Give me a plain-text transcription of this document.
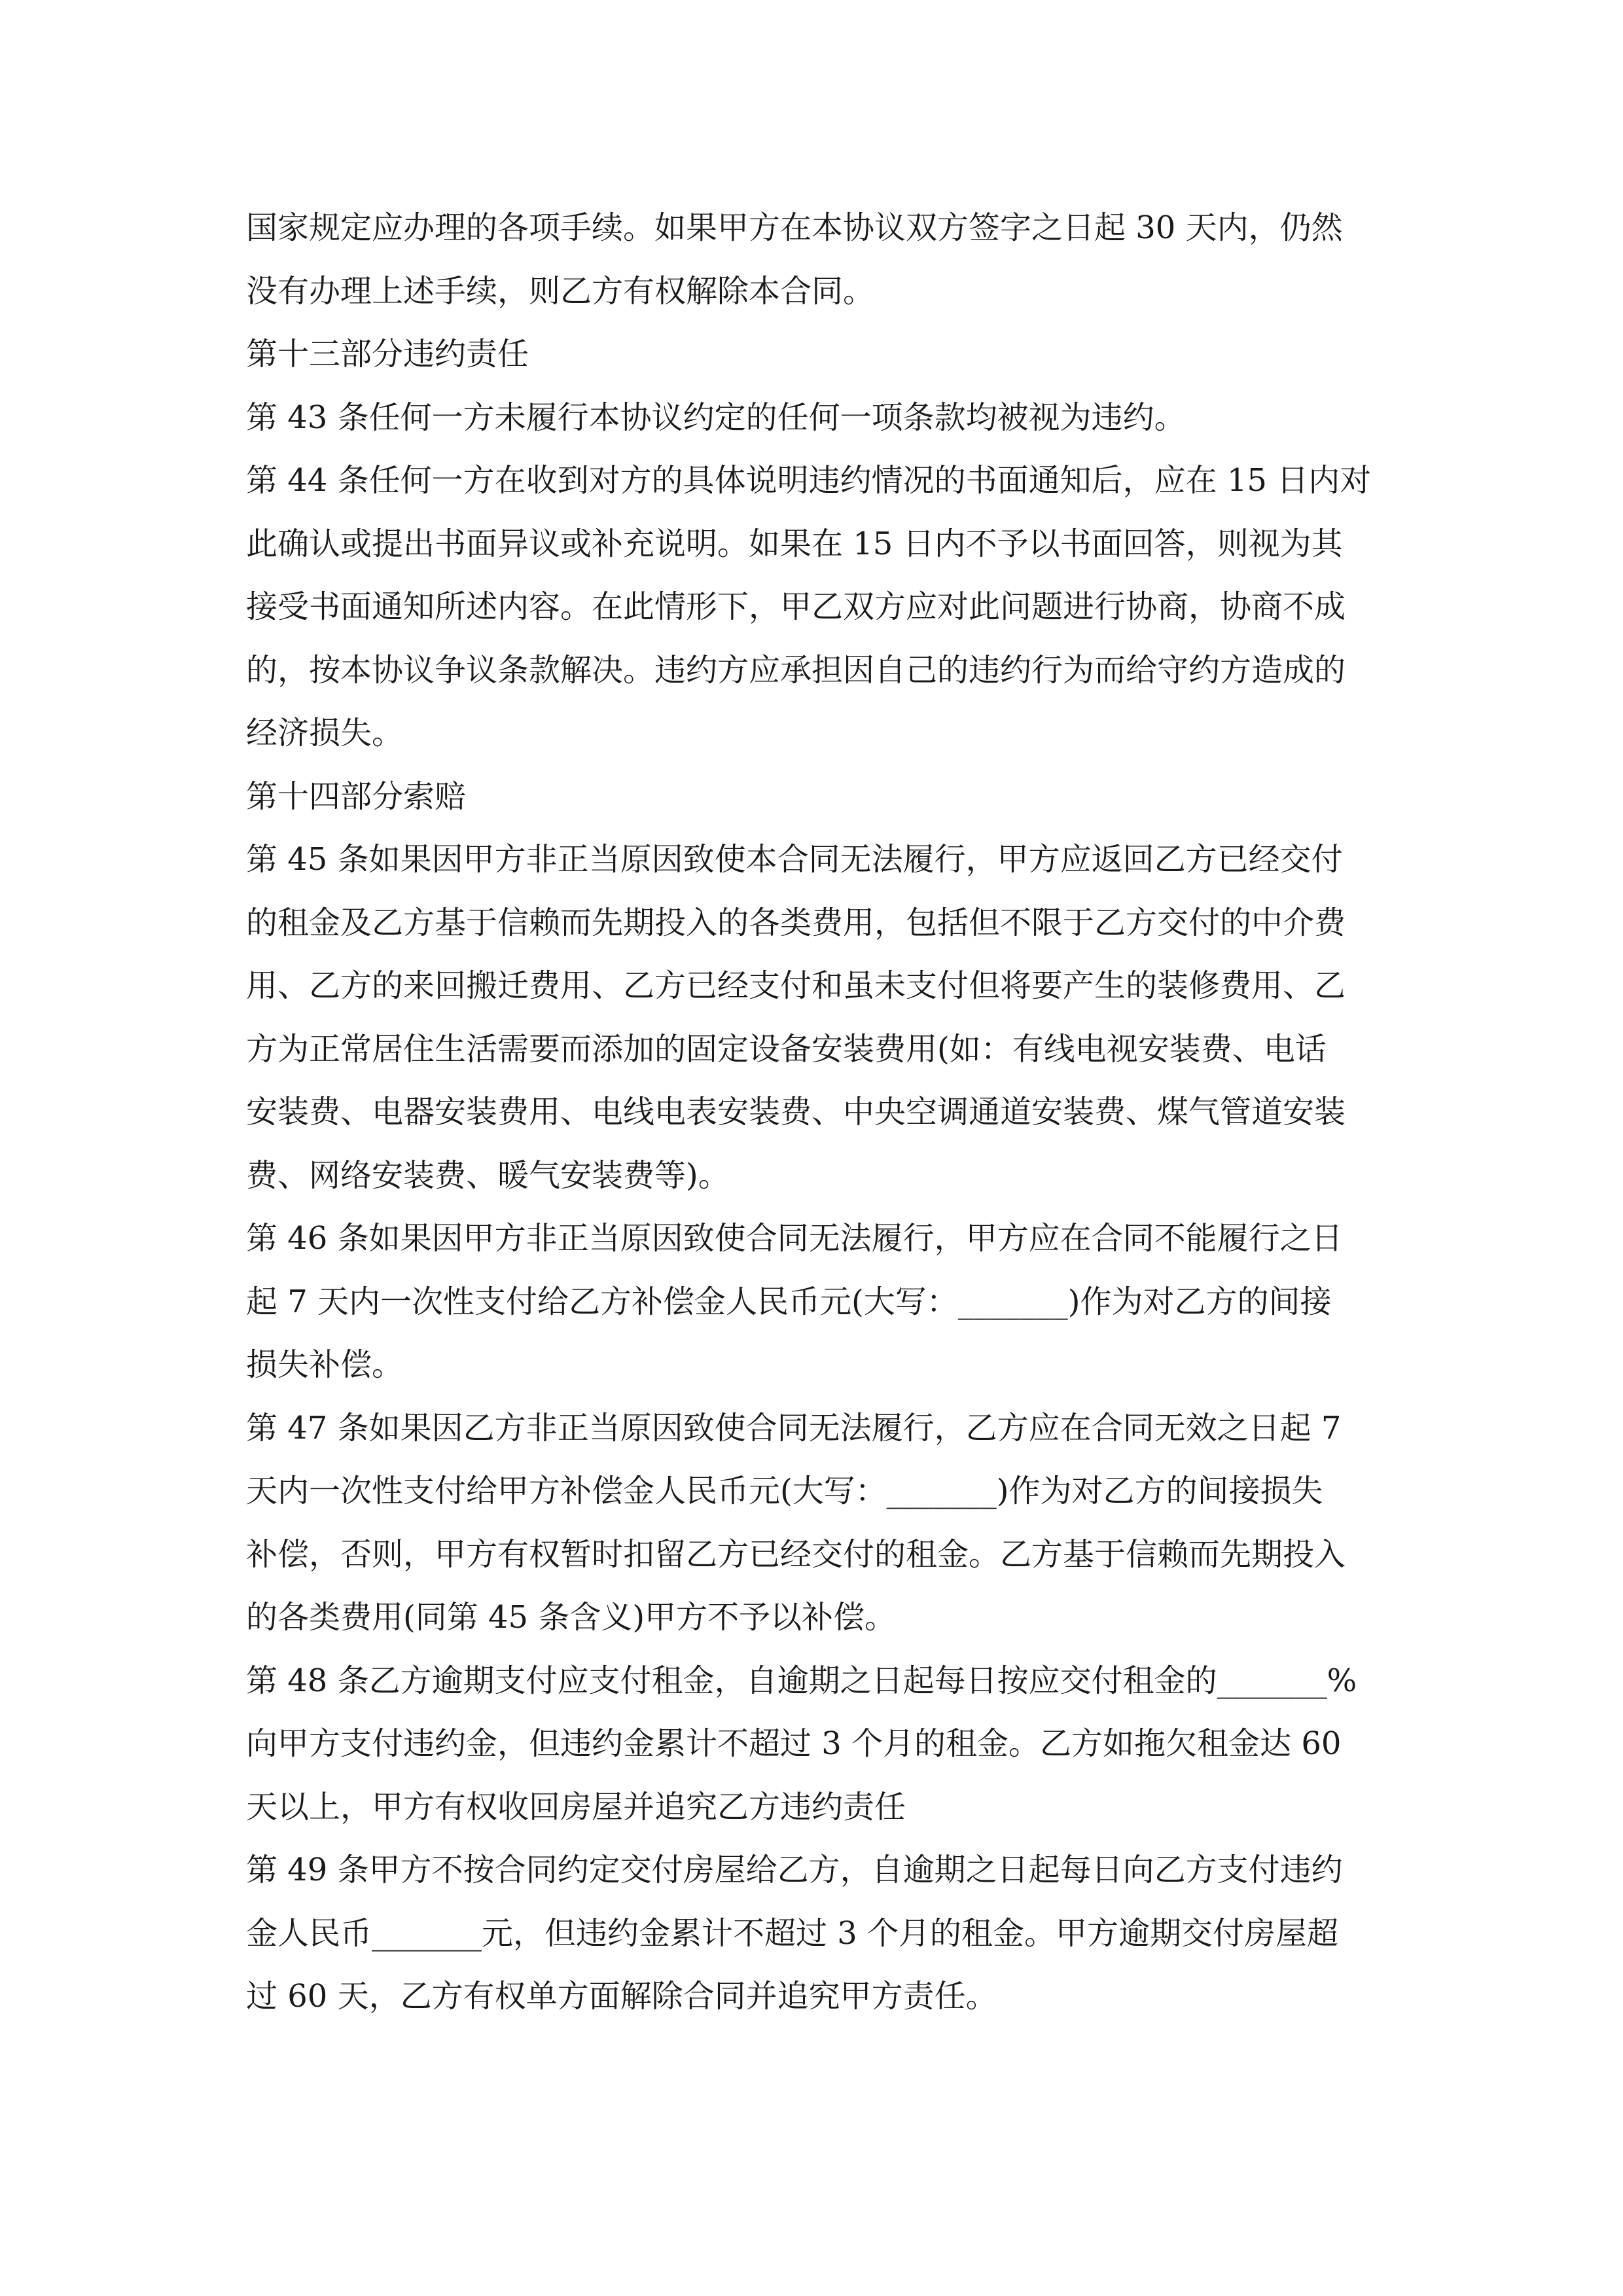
国家规定应办理的各项手续。如果甲方在本协议双方签字之日起 30 天内，仍然
没有办理上述手续，则乙方有权解除本合同。
第十三部分违约责任
第 43 条任何一方未履行本协议约定的任何一项条款均被视为违约。
第 44 条任何一方在收到对方的具体说明违约情况的书面通知后，应在 15 日内对
此确认或提出书面异议或补充说明。如果在 15 日内不予以书面回答，则视为其
接受书面通知所述内容。在此情形下，甲乙双方应对此问题进行协商，协商不成
的，按本协议争议条款解决。违约方应承担因自己的违约行为而给守约方造成的
经济损失。
第十四部分索赔
第 45 条如果因甲方非正当原因致使本合同无法履行，甲方应返回乙方已经交付
的租金及乙方基于信赖而先期投入的各类费用，包括但不限于乙方交付的中介费
用、乙方的来回搬迁费用、乙方已经支付和虽未支付但将要产生的装修费用、乙
方为正常居住生活需要而添加的固定设备安装费用(如：有线电视安装费、电话
安装费、电器安装费用、电线电表安装费、中央空调通道安装费、煤气管道安装
费、网络安装费、暖气安装费等)。
第 46 条如果因甲方非正当原因致使合同无法履行，甲方应在合同不能履行之日
起 7 天内一次性支付给乙方补偿金人民币元(大写：_______)作为对乙方的间接
损失补偿。
第 47 条如果因乙方非正当原因致使合同无法履行，乙方应在合同无效之日起 7
天内一次性支付给甲方补偿金人民币元(大写：_______)作为对乙方的间接损失
补偿，否则，甲方有权暂时扣留乙方已经交付的租金。乙方基于信赖而先期投入
的各类费用(同第 45 条含义)甲方不予以补偿。
第 48 条乙方逾期支付应支付租金，自逾期之日起每日按应交付租金的_______%
向甲方支付违约金，但违约金累计不超过 3 个月的租金。乙方如拖欠租金达 60
天以上，甲方有权收回房屋并追究乙方违约责任
第 49 条甲方不按合同约定交付房屋给乙方，自逾期之日起每日向乙方支付违约
金人民币_______元，但违约金累计不超过 3 个月的租金。甲方逾期交付房屋超
过 60 天，乙方有权单方面解除合同并追究甲方责任。
